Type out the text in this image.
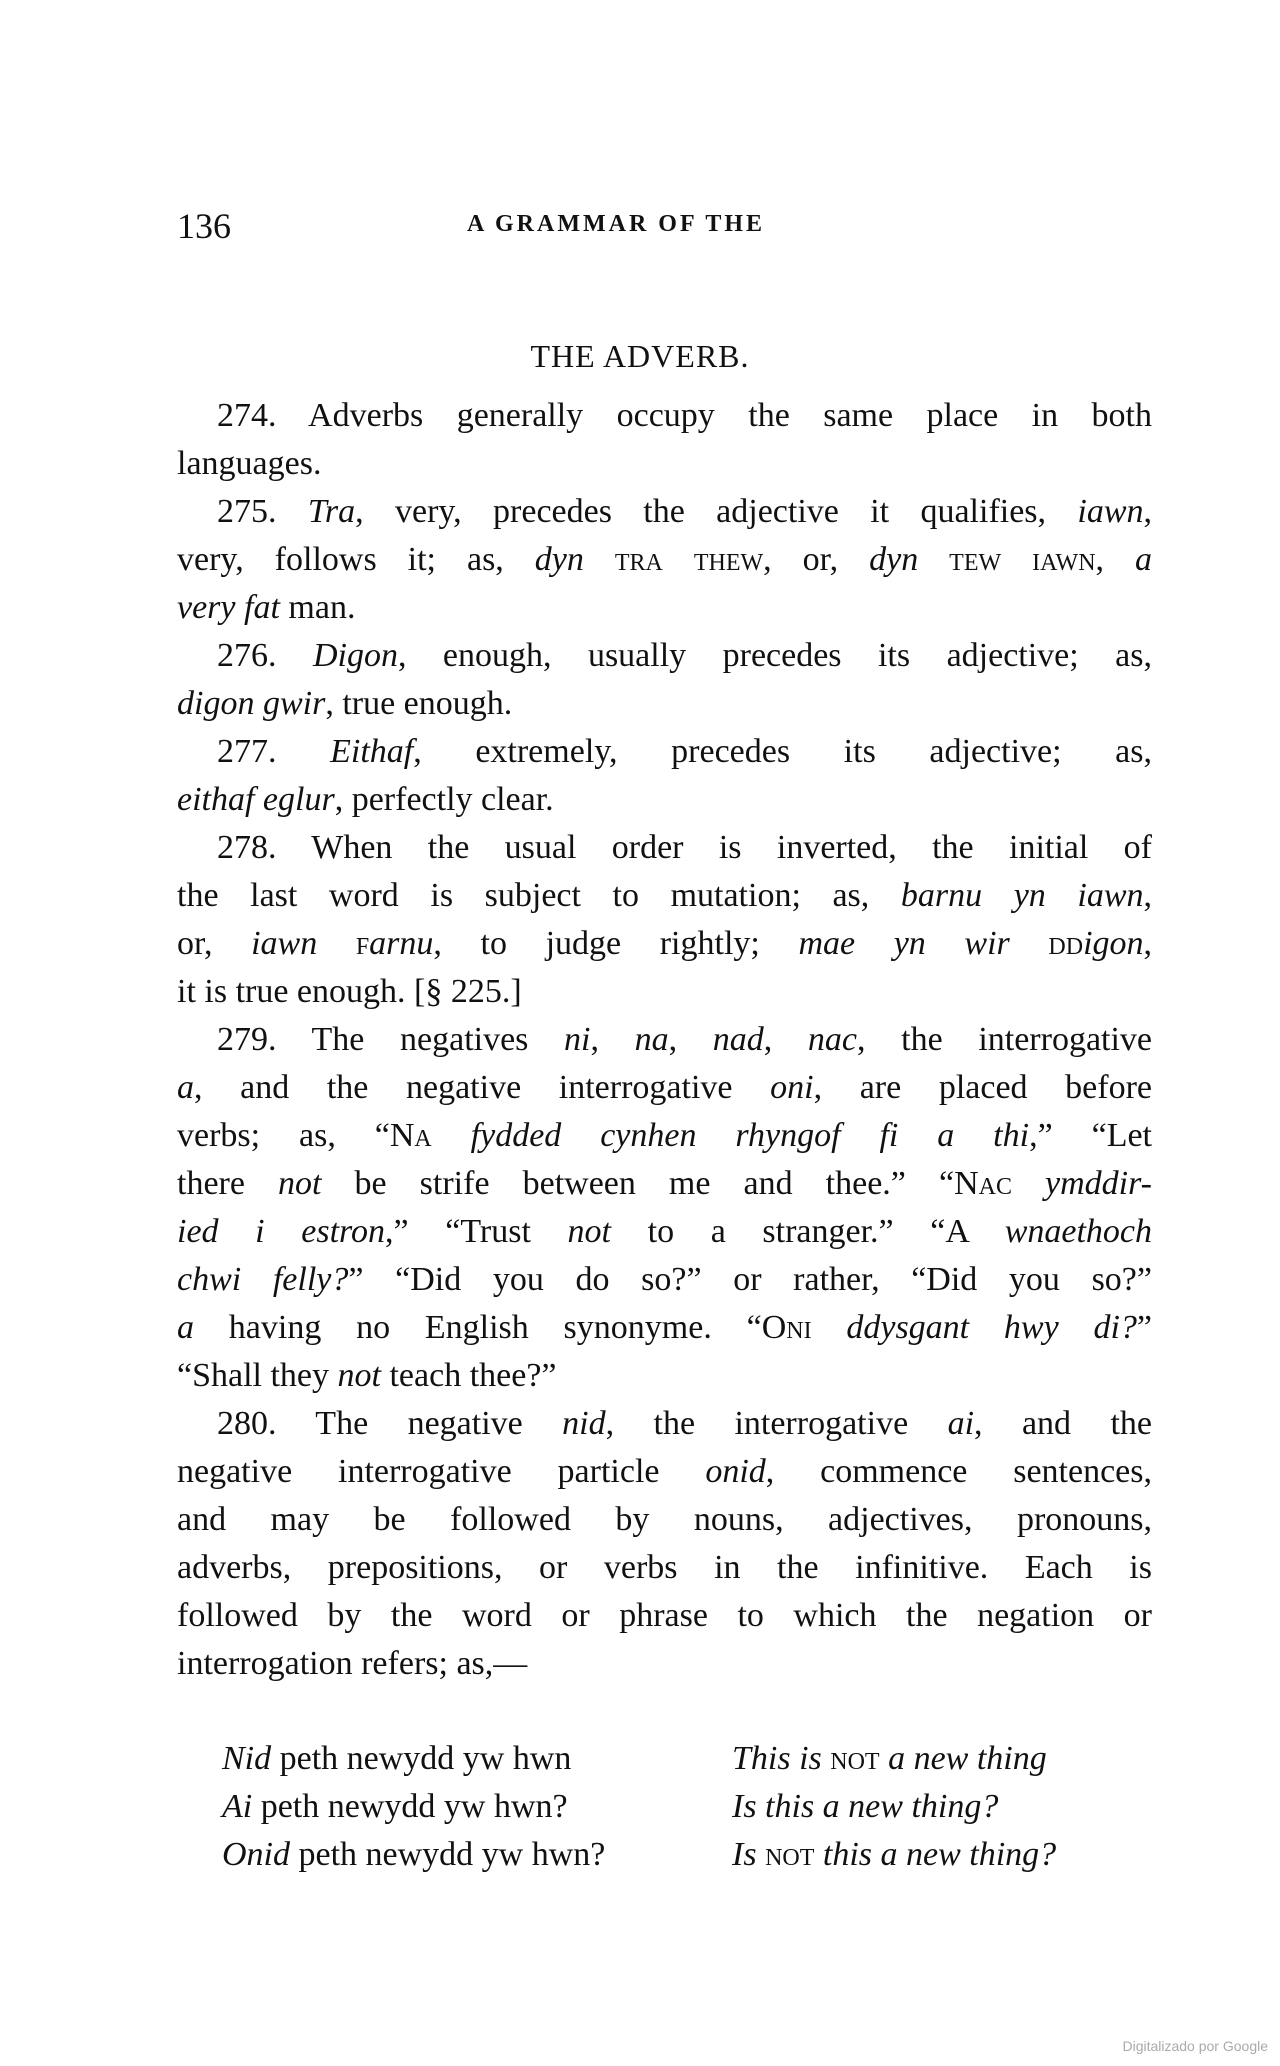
136	A GRAMMAR OF THE
THE ADVERB.
274. Adverbs generally occupy the same place in both
languages.
275. Tra, very, precedes the adjective it qualifies, iawn,
very, follows it; as, dyn tra thew, or, dyn tew iawn, a
very fat man.
276. Digon, enough, usually precedes its adjective; as,
digon gwir, true enough.
277. Eithaf, extremely, precedes its adjective; as,
eithaf eglur, perfectly clear.
278. When the usual order is inverted, the initial of
the last word is subject to mutation; as, barnu yn iawn,
or, iawn farnu, to judge rightly; mae yn wir ddigon,
it is true enough. [§ 225.]
279. The negatives ni, na, nad, nac, the interrogative
a, and the negative interrogative oni, are placed before
verbs; as, “Na fydded cynhen rhyngof fi a thi,” “Let
there not be strife between me and thee.” “Nac ymddir-
ied i estron,” “Trust not to a stranger.” “A wnaethoch
chwi felly?” “Did you do so?” or rather, “Did you so?”
a having no English synonyme. “Oni ddysgant hwy di?”
“Shall they not teach thee?”
280. The negative nid, the interrogative ai, and the
negative interrogative particle onid, commence sentences,
and may be followed by nouns, adjectives, pronouns,
adverbs, prepositions, or verbs in the infinitive. Each is
followed by the word or phrase to which the negation or
interrogation refers; as,—
Nid peth newydd yw hwn	This is not a new thing
Ai peth newydd yw hwn?	Is this a new thing?
Onid peth newydd yw hwn?	Is not this a new thing?
Digitalizado por Google
